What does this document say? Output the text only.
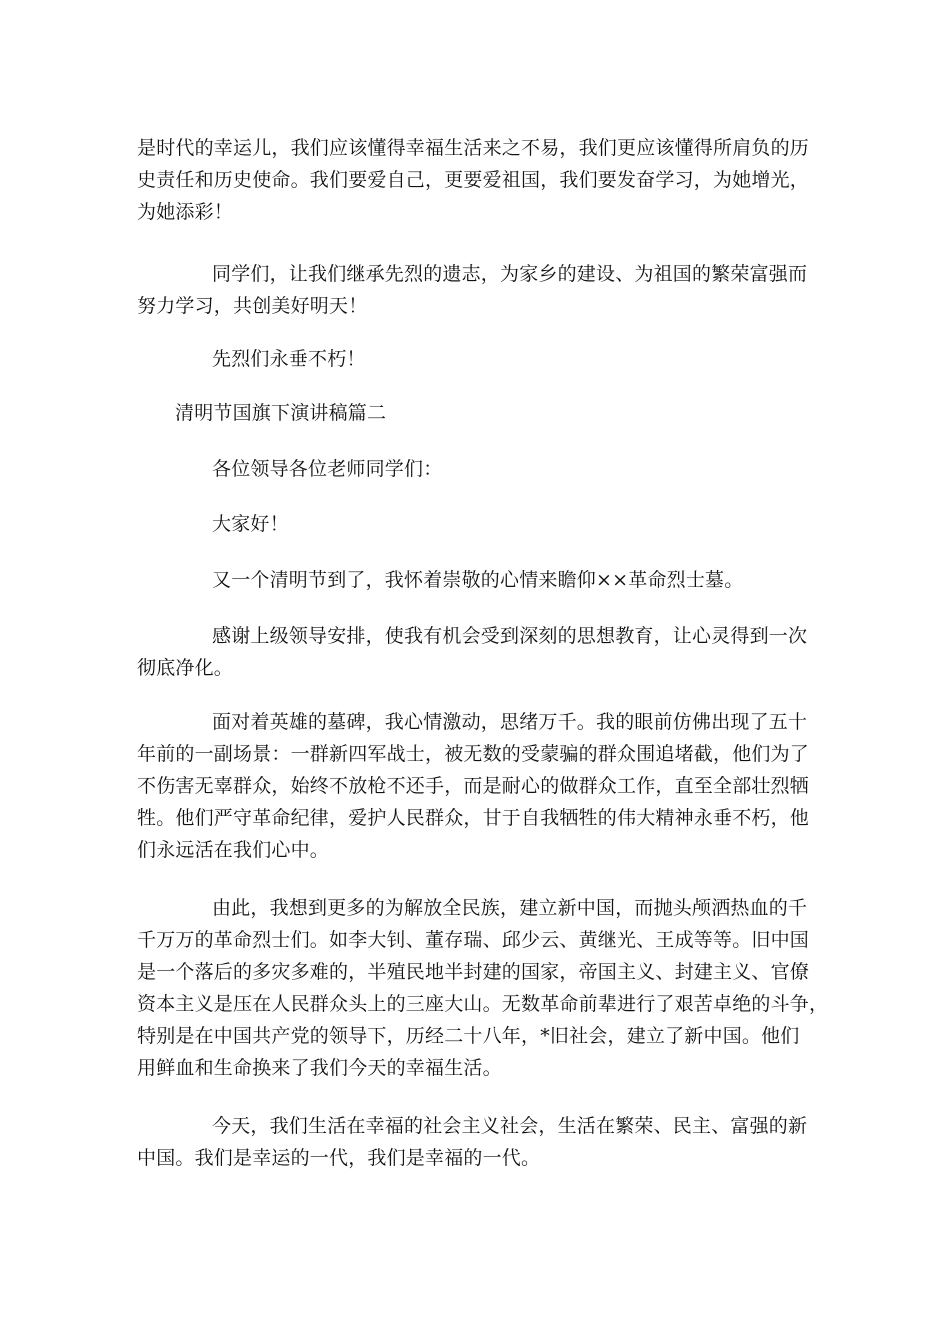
是时代的幸运儿，我们应该懂得幸福生活来之不易，我们更应该懂得所肩负的历
史责任和历史使命。我们要爱自己，更要爱祖国，我们要发奋学习，为她增光，
为她添彩！
同学们，让我们继承先烈的遗志，为家乡的建设、为祖国的繁荣富强而
努力学习，共创美好明天！
先烈们永垂不朽！
清明节国旗下演讲稿篇二
各位领导各位老师同学们：
大家好！
又一个清明节到了，我怀着崇敬的心情来瞻仰××革命烈士墓。
感谢上级领导安排，使我有机会受到深刻的思想教育，让心灵得到一次
彻底净化。
面对着英雄的墓碑，我心情激动，思绪万千。我的眼前仿佛出现了五十
年前的一副场景：一群新四军战士，被无数的受蒙骗的群众围追堵截，他们为了
不伤害无辜群众，始终不放枪不还手，而是耐心的做群众工作，直至全部壮烈牺
牲。他们严守革命纪律，爱护人民群众，甘于自我牺牲的伟大精神永垂不朽，他
们永远活在我们心中。
由此，我想到更多的为解放全民族，建立新中国，而抛头颅洒热血的千
千万万的革命烈士们。如李大钊、董存瑞、邱少云、黄继光、王成等等。旧中国
是一个落后的多灾多难的，半殖民地半封建的国家，帝国主义、封建主义、官僚
资本主义是压在人民群众头上的三座大山。无数革命前辈进行了艰苦卓绝的斗争，
特别是在中国共产党的领导下，历经二十八年，*旧社会，建立了新中国。他们
用鲜血和生命换来了我们今天的幸福生活。
今天，我们生活在幸福的社会主义社会，生活在繁荣、民主、富强的新
中国。我们是幸运的一代，我们是幸福的一代。
